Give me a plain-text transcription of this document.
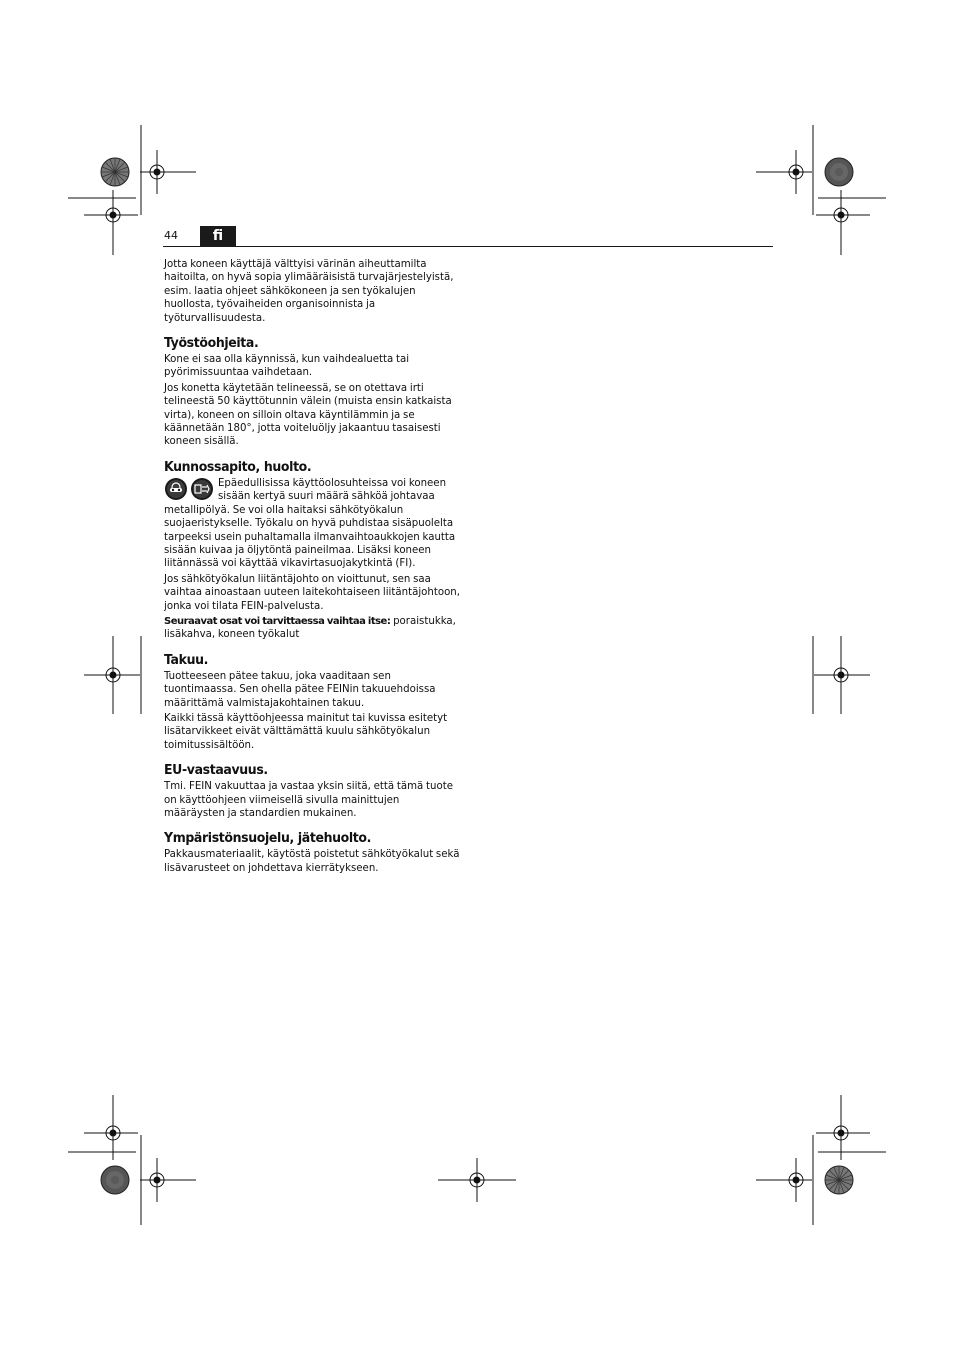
44	fi

Jotta koneen käyttäjä välttyisi värinän aiheuttamilta haitoilta, on hyvä sopia ylimääräisistä turvajärjestelyistä, esim. laatia ohjeet sähkökoneen ja sen työkalujen huollosta, työvaiheiden organisoinnista ja työturvallisuudesta.

Työstöohjeita.

Kone ei saa olla käynnissä, kun vaihdealuetta tai pyörimissuuntaa vaihdetaan.

Jos konetta käytetään telineessä, se on otettava irti telineestä 50 käyttötunnin välein (muista ensin katkaista virta), koneen on silloin oltava käyntilämmin ja se käännetään 180°, jotta voiteluöljy jakaantuu tasaisesti koneen sisällä.

Kunnossapito, huolto.

Epäedullisissa käyttöolosuhteissa voi koneen sisään kertyä suuri määrä sähköä johtavaa metallipölyä. Se voi olla haitaksi sähkötyökalun suojaeristykselle. Työkalu on hyvä puhdistaa sisäpuolelta tarpeeksi usein puhaltamalla ilmanvaihtoaukkojen kautta sisään kuivaa ja öljytöntä paineilmaa. Lisäksi koneen liitännässä voi käyttää vikavirtasuojakytkintä (FI).

Jos sähkötyökalun liitäntäjohto on vioittunut, sen saa vaihtaa ainoastaan uuteen laitekohtaiseen liitäntäjohtoon, jonka voi tilata FEIN-palvelusta.

Seuraavat osat voi tarvittaessa vaihtaa itse: poraistukka, lisäkahva, koneen työkalut

Takuu.

Tuotteeseen pätee takuu, joka vaaditaan sen tuontimaassa. Sen ohella pätee FEINin takuuehdoissa määrittämä valmistajakohtainen takuu.

Kaikki tässä käyttöohjeessa mainitut tai kuvissa esitetyt lisätarvikkeet eivät välttämättä kuulu sähkötyökalun toimitussisältöön.

EU-vastaavuus.

Tmi. FEIN vakuuttaa ja vastaa yksin siitä, että tämä tuote on käyttöohjeen viimeisellä sivulla mainittujen määräysten ja standardien mukainen.

Ympäristönsuojelu, jätehuolto.

Pakkausmateriaalit, käytöstä poistetut sähkötyökalut sekä lisävarusteet on johdettava kierrätykseen.
